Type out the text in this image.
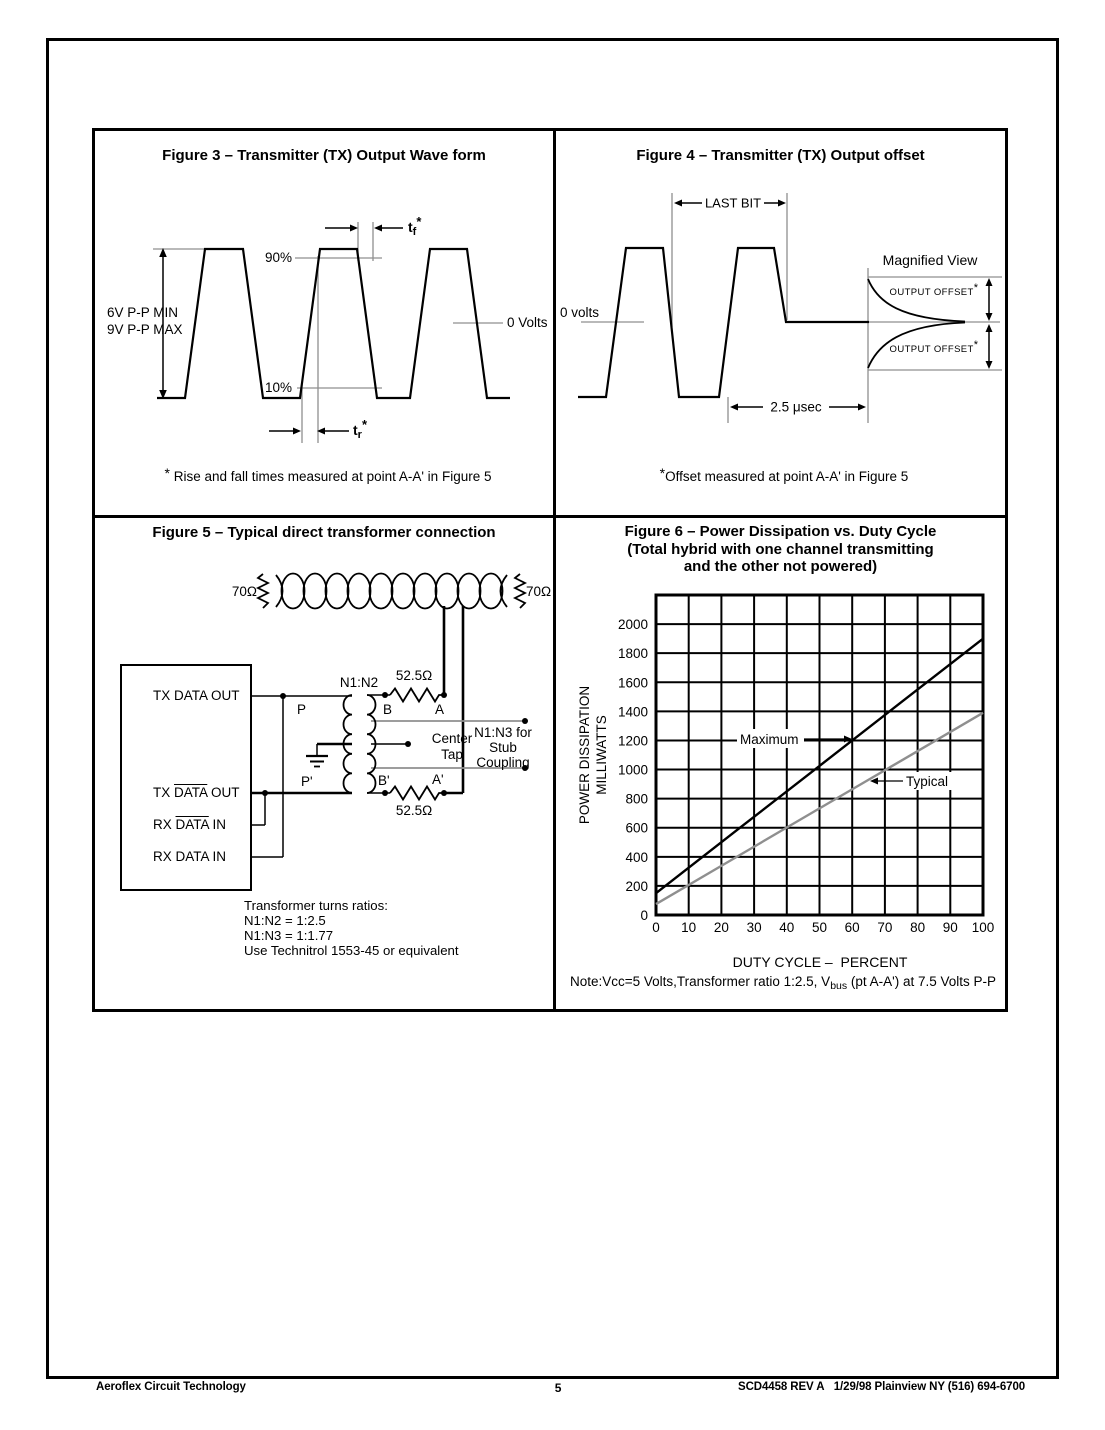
Figure 3 – Transmitter (TX) Output Wave form
6V P-P MIN
9V P-P MAX
90%
10%
0 Volts
$t_f*$
$t_r*$
* Rise and fall times measured at point A-A' in Figure 5
Figure 4 – Transmitter (TX) Output offset
LAST BIT
0 volts
2.5 μsec
Magnified View
OUTPUT OFFSET*
OUTPUT OFFSET*
*Offset measured at point A-A' in Figure 5
Figure 5 – Typical direct transformer connection
TX DATA OUT
TX DATA OUT
RX DATA IN
RX DATA IN
Transformer turns ratios:
N1:N2 = 1:2.5
N1:N3 = 1:1.77
Use Technitrol 1553-45 or equivalent
70Ω	70Ω
N1:N2 52.5Ω
52.5Ω
P
P'
B
B'
A
A'
Center
Tap
N1:N3 for
Stub
Coupling
Figure 6 – Power Dissipation vs. Duty Cycle
(Total hybrid with one channel transmitting
and the other not powered)
0 10 20 30 40 50 60 70 80 90 100
0
200
400
600
800
1000
1200
1400
1600
1800
2000
Maximum
Typical
POWER DISSIPATION MILLIWATTS
DUTY CYCLE –  PERCENT
Note:Vcc=5 Volts,Transformer ratio 1:2.5, $V_{bus}$ (pt A-A') at 7.5 Volts P-P
Aeroflex Circuit Technology	5	SCD4458 REV A   1/29/98 Plainview NY (516) 694-6700
